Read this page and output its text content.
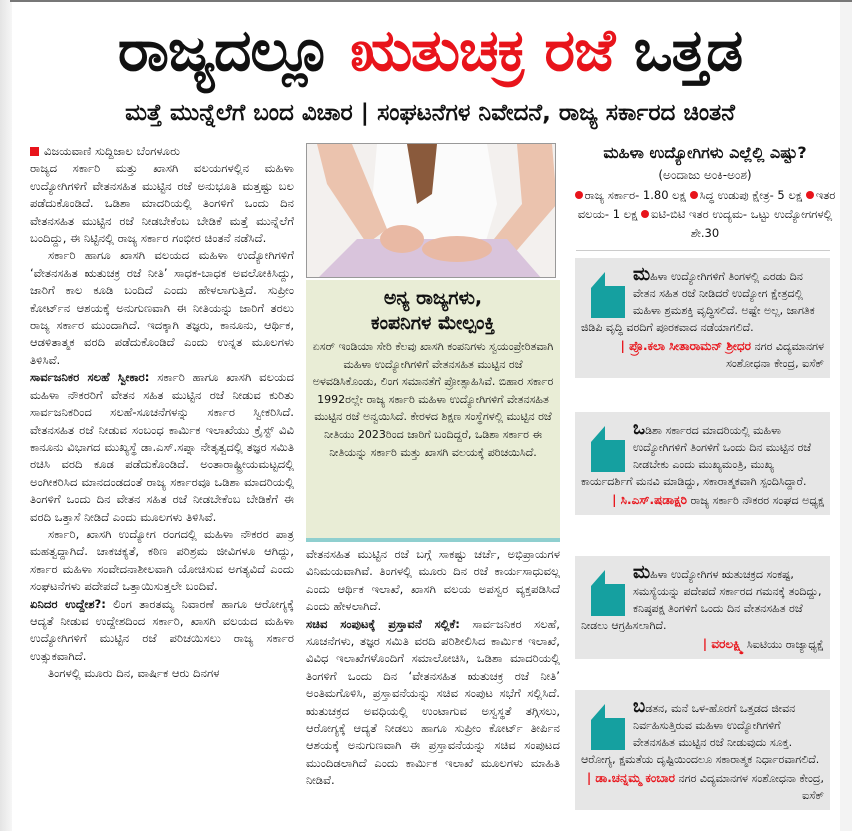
ರಾಜ್ಯದಲ್ಲೂ ಋತುಚಕ್ರ ರಜೆ ಒತ್ತಡ
ಮತ್ತೆ ಮುನ್ನೆಲೆಗೆ ಬಂದ ವಿಚಾರ | ಸಂಘಟನೆಗಳ ನಿವೇದನೆ, ರಾಜ್ಯ ಸರ್ಕಾರದ ಚಿಂತನೆ
ವಿಜಯವಾಣಿ ಸುದ್ದಿಜಾಲ ಬೆಂಗಳೂರು

ರಾಜ್ಯದ ಸರ್ಕಾರಿ ಮತ್ತು ಖಾಸಗಿ ವಲಯಗಳಲ್ಲಿನ ಮಹಿಳಾ ಉದ್ಯೋಗಿಗಳಿಗೆ ವೇತನಸಹಿತ ಮುಟ್ಟಿನ ರಜೆ ಅನುಭೂತಿ ಮತ್ತಷ್ಟು ಬಲ ಪಡೆದುಕೊಂಡಿದೆ. ಒಡಿಶಾ ಮಾದರಿಯಲ್ಲಿ ತಿಂಗಳಿಗೆ ಒಂದು ದಿನ ವೇತನಸಹಿತ ಮುಟ್ಟಿನ ರಜೆ ನೀಡಬೇಕೆಂಬ ಬೇಡಿಕೆ ಮತ್ತೆ ಮುನ್ನೆಲೆಗೆ ಬಂದಿದ್ದು, ಈ ನಿಟ್ಟಿನಲ್ಲಿ ರಾಜ್ಯ ಸರ್ಕಾರ ಗಂಭೀರ ಚಿಂತನೆ ನಡೆಸಿದೆ.

ಸರ್ಕಾರಿ ಹಾಗೂ ಖಾಸಗಿ ವಲಯದ ಮಹಿಳಾ ಉದ್ಯೋಗಿಗಳಿಗೆ ‘ವೇತನಸಹಿತ ಋತುಚಕ್ರ ರಜೆ ನೀತಿ’ ಸಾಧಕ-ಬಾಧಕ ಅವಲೋಕಿಸಿದ್ದು, ಜಾರಿಗೆ ಕಾಲ ಕೂಡಿ ಬಂದಿದೆ ಎಂದು ಹೇಳಲಾಗುತ್ತಿದೆ. ಸುಪ್ರೀಂ ಕೋರ್ಟ್‌ನ ಆಶಯಕ್ಕೆ ಅನುಗುಣವಾಗಿ ಈ ನೀತಿಯನ್ನು ಜಾರಿಗೆ ತರಲು ರಾಜ್ಯ ಸರ್ಕಾರ ಮುಂದಾಗಿದೆ. ಇದಕ್ಕಾಗಿ ತಜ್ಞರು, ಕಾನೂನು, ಆರ್ಥಿಕ, ಆಡಳಿತಾತ್ಮಕ ವರದಿ ಪಡೆದುಕೊಂಡಿದೆ ಎಂದು ಉನ್ನತ ಮೂಲಗಳು ತಿಳಿಸಿವೆ.

ಸಾರ್ವಜನಿಕರ ಸಲಹೆ ಸ್ವೀಕಾರ: ಸರ್ಕಾರಿ ಹಾಗೂ ಖಾಸಗಿ ವಲಯದ ಮಹಿಳಾ ನೌಕರರಿಗೆ ವೇತನ ಸಹಿತ ಮುಟ್ಟಿನ ರಜೆ ನೀಡುವ ಕುರಿತು ಸಾರ್ವಜನಿಕರಿಂದ ಸಲಹೆ-ಸೂಚನೆಗಳನ್ನು ಸರ್ಕಾರ ಸ್ವೀಕರಿಸಿದೆ. ವೇತನಸಹಿತ ರಜೆ ನೀಡುವ ಸಂಬಂಧ ಕಾರ್ಮಿಕ ಇಲಾಖೆಯು ಕ್ರೈಸ್ಟ್ ವಿವಿ ಕಾನೂನು ವಿಭಾಗದ ಮುಖ್ಯಸ್ಥೆ ಡಾ.ಎಸ್.ಸಪ್ನಾ ನೇತೃತ್ವದಲ್ಲಿ ತಜ್ಞರ ಸಮಿತಿ ರಚಿಸಿ ವರದಿ ಕೂಡ ಪಡೆದುಕೊಂಡಿದೆ. ಅಂತಾರಾಷ್ಟ್ರೀಯಮಟ್ಟದಲ್ಲಿ ಅಂಗೀಕರಿಸಿದ ಮಾನದಂಡದಂತೆ ರಾಜ್ಯ ಸರ್ಕಾರವೂ ಒಡಿಶಾ ಮಾದರಿಯಲ್ಲಿ ತಿಂಗಳಿಗೆ ಒಂದು ದಿನ ವೇತನ ಸಹಿತ ರಜೆ ನೀಡಬೇಕೆಂಬ ಬೇಡಿಕೆಗೆ ಈ ವರದಿ ಒತ್ತಾಸೆ ನೀಡಿದೆ ಎಂದು ಮೂಲಗಳು ತಿಳಿಸಿವೆ.

ಸರ್ಕಾರಿ, ಖಾಸಗಿ ಉದ್ಯೋಗ ರಂಗದಲ್ಲಿ ಮಹಿಳಾ ನೌಕರರ ಪಾತ್ರ ಮಹತ್ವದ್ದಾಗಿದೆ. ಚಾಕಚಕ್ಯತೆ, ಕಠಿಣ ಪರಿಶ್ರಮ ಜೀವಿಗಳೂ ಆಗಿದ್ದು, ಸರ್ಕಾರ ಮಹಿಳಾ ಸಂವೇದನಾಶೀಲವಾಗಿ ಯೋಚಿಸುವ ಅಗತ್ಯವಿದೆ ಎಂದು ಸಂಘಟನೆಗಳು ಪದೇಪದೆ ಒತ್ತಾಯಿಸುತ್ತಲೇ ಬಂದಿವೆ.

ಏನಿದರ ಉದ್ದೇಶ?: ಲಿಂಗ ತಾರತಮ್ಯ ನಿವಾರಣೆ ಹಾಗೂ ಆರೋಗ್ಯಕ್ಕೆ ಆದ್ಯತೆ ನೀಡುವ ಉದ್ದೇಶದಿಂದ ಸರ್ಕಾರಿ, ಖಾಸಗಿ ವಲಯದ ಮಹಿಳಾ ಉದ್ಯೋಗಿಗಳಿಗೆ ಮುಟ್ಟಿನ ರಜೆ ಪರಿಚಯಿಸಲು ರಾಜ್ಯ ಸರ್ಕಾರ ಉತ್ಸುಕವಾಗಿದೆ.

ತಿಂಗಳಲ್ಲಿ ಮೂರು ದಿನ, ವಾರ್ಷಿಕ ಆರು ದಿನಗಳ

ಅನ್ಯ ರಾಜ್ಯಗಳು,
ಕಂಪನಿಗಳ ಮೇಲ್ಪಂಕ್ತಿ

ಏಸರ್ ಇಂಡಿಯಾ ಸೇರಿ ಕೆಲವು ಖಾಸಗಿ ಕಂಪನಿಗಳು ಸ್ವಯಂಪ್ರೇರಿತವಾಗಿ ಮಹಿಳಾ ಉದ್ಯೋಗಿಗಳಿಗೆ ವೇತನಸಹಿತ ಮುಟ್ಟಿನ ರಜೆ ಅಳವಡಿಸಿಕೊಂಡು, ಲಿಂಗ ಸಮಾನತೆಗೆ ಪ್ರೋತ್ಸಾಹಿಸಿವೆ. ಬಿಹಾರ ಸರ್ಕಾರ 1992ರಲ್ಲೇ ರಾಜ್ಯ ಸರ್ಕಾರಿ ಮಹಿಳಾ ಉದ್ಯೋಗಿಗಳಿಗೆ ವೇತನಸಹಿತ ಮುಟ್ಟಿನ ರಜೆ ಅನ್ವಯಿಸಿದೆ. ಕೇರಳದ ಶಿಕ್ಷಣ ಸಂಸ್ಥೆಗಳಲ್ಲಿ ಮುಟ್ಟಿನ ರಜೆ ನೀತಿಯು 2023ರಿಂದ ಜಾರಿಗೆ ಬಂದಿದ್ದರೆ, ಒಡಿಶಾ ಸರ್ಕಾರ ಈ ನೀತಿಯನ್ನು ಸರ್ಕಾರಿ ಮತ್ತು ಖಾಸಗಿ ವಲಯಕ್ಕೆ ಪರಿಚಯಿಸಿದೆ.

ವೇತನಸಹಿತ ಮುಟ್ಟಿನ ರಜೆ ಬಗ್ಗೆ ಸಾಕಷ್ಟು ಚರ್ಚೆ, ಅಭಿಪ್ರಾಯಗಳ ವಿನಿಮಯವಾಗಿವೆ. ತಿಂಗಳಲ್ಲಿ ಮೂರು ದಿನ ರಜೆ ಕಾರ್ಯಸಾಧುವಲ್ಲ ಎಂದು ಆರ್ಥಿಕ ಇಲಾಖೆ, ಖಾಸಗಿ ವಲಯ ಅಪಸ್ವರ ವ್ಯಕ್ತಪಡಿಸಿದೆ ಎಂದು ಹೇಳಲಾಗಿದೆ.

ಸಚಿವ ಸಂಪುಟಕ್ಕೆ ಪ್ರಸ್ತಾವನೆ ಸಲ್ಲಿಕೆ: ಸಾರ್ವಜನಿಕರ ಸಲಹೆ, ಸೂಚನೆಗಳು, ತಜ್ಞರ ಸಮಿತಿ ವರದಿ ಪರಿಶೀಲಿಸಿದ ಕಾರ್ಮಿಕ ಇಲಾಖೆ, ವಿವಿಧ ಇಲಾಖೆಗಳೊಂದಿಗೆ ಸಮಾಲೋಚಿಸಿ, ಒಡಿಶಾ ಮಾದರಿಯಲ್ಲಿ ತಿಂಗಳಿಗೆ ಒಂದು ದಿನ ‘ವೇತನಸಹಿತ ಋತುಚಕ್ರ ರಜೆ ನೀತಿ’ ಅಂತಿಮಗೊಳಿಸಿ, ಪ್ರಸ್ತಾವನೆಯನ್ನು ಸಚಿವ ಸಂಪುಟ ಸಭೆಗೆ ಸಲ್ಲಿಸಿದೆ. ಋತುಚಕ್ರದ ಅವಧಿಯಲ್ಲಿ ಉಂಟಾಗುವ ಅಸ್ವಸ್ಥತೆ ತಗ್ಗಿಸಲು, ಆರೋಗ್ಯಕ್ಕೆ ಆದ್ಯತೆ ನೀಡಲು ಹಾಗೂ ಸುಪ್ರೀಂ ಕೋರ್ಟ್ ತೀರ್ಪಿನ ಆಶಯಕ್ಕೆ ಅನುಗುಣವಾಗಿ ಈ ಪ್ರಸ್ತಾವನೆಯನ್ನು ಸಚಿವ ಸಂಪುಟದ ಮುಂದಿಡಲಾಗಿದೆ ಎಂದು ಕಾರ್ಮಿಕ ಇಲಾಖೆ ಮೂಲಗಳು ಮಾಹಿತಿ ನೀಡಿವೆ.

ಮಹಿಳಾ ಉದ್ಯೋಗಿಗಳು ಎಲ್ಲೆಲ್ಲಿ ಎಷ್ಟು?
(ಅಂದಾಜು ಅಂಕಿ-ಅಂಶ)
ರಾಜ್ಯ ಸರ್ಕಾರ- 1.80 ಲಕ್ಷ ಸಿದ್ಧ ಉಡುಪು ಕ್ಷೇತ್ರ- 5 ಲಕ್ಷ ಇತರ ವಲಯ- 1 ಲಕ್ಷ ಐಟಿ-ಬಿಟಿ ಇತರ ಉದ್ಯಮ- ಒಟ್ಟು ಉದ್ಯೋಗಗಳಲ್ಲಿ ಶೇ.30
ಮಹಿಳಾ ಉದ್ಯೋಗಿಗಳಿಗೆ ತಿಂಗಳಲ್ಲಿ ಎರಡು ದಿನ ವೇತನ ಸಹಿತ ರಜೆ ನೀಡಿದರೆ ಉದ್ಯೋಗ ಕ್ಷೇತ್ರದಲ್ಲಿ ಮಹಿಳಾ ಶ್ರಮಶಕ್ತಿ ವೃದ್ಧಿಸಲಿದೆ. ಅಷ್ಟೇ ಅಲ್ಲ, ಜಾಗತಿಕ ಜಿಡಿಪಿ ವೃದ್ಧಿ ವರದಿಗೆ ಪೂರಕವಾದ ನಡೆಯಾಗಲಿದೆ.
| ಪ್ರೊ.ಕಲಾ ಸೀತಾರಾಮನ್ ಶ್ರೀಧರ ನಗರ ವಿದ್ಯಮಾನಗಳ ಸಂಶೋಧನಾ ಕೇಂದ್ರ, ಐಸೆಕ್
ಒಡಿಶಾ ಸರ್ಕಾರದ ಮಾದರಿಯಲ್ಲಿ ಮಹಿಳಾ ಉದ್ಯೋಗಿಗಳಿಗೆ ತಿಂಗಳಿಗೆ ಒಂದು ದಿನ ಮುಟ್ಟಿನ ರಜೆ ನೀಡಬೇಕು ಎಂದು ಮುಖ್ಯಮಂತ್ರಿ, ಮುಖ್ಯ ಕಾರ್ಯದರ್ಶಿಗೆ ಮನವಿ ಮಾಡಿದ್ದು, ಸಕಾರಾತ್ಮಕವಾಗಿ ಸ್ಪಂದಿಸಿದ್ದಾರೆ.
| ಸಿ.ಎಸ್.ಷಡಾಕ್ಷರಿ ರಾಜ್ಯ ಸರ್ಕಾರಿ ನೌಕರರ ಸಂಘದ ಅಧ್ಯಕ್ಷ
ಮಹಿಳಾ ಉದ್ಯೋಗಿಗಳ ಋತುಚಕ್ರದ ಸಂಕಷ್ಟ, ಸಮಸ್ಯೆಯನ್ನು ಪದೇಪದೆ ಸರ್ಕಾರದ ಗಮನಕ್ಕೆ ತಂದಿದ್ದು, ಕನಿಷ್ಠಪಕ್ಷ ತಿಂಗಳಿಗೆ ಒಂದು ದಿನ ವೇತನಸಹಿತ ರಜೆ ನೀಡಲು ಆಗ್ರಹಿಸಲಾಗಿದೆ.
| ವರಲಕ್ಷ್ಮಿ ಸಿಐಟಿಯು ರಾಜ್ಯಾಧ್ಯಕ್ಷೆ
ಬಡತನ, ಮನೆ ಒಳ-ಹೊರಗೆ ಒತ್ತಡದ ಜೀವನ ನಿರ್ವಹಿಸುತ್ತಿರುವ ಮಹಿಳಾ ಉದ್ಯೋಗಿಗಳಿಗೆ ವೇತನಸಹಿತ ಮುಟ್ಟಿನ ರಜೆ ನೀಡುವುದು ಸೂಕ್ತ. ಆರೋಗ್ಯ, ಕ್ಷಮತೆಯ ದೃಷ್ಟಿಯಿಂದಲೂ ಸಕಾರಾತ್ಮಕ ನಿರ್ಧಾರವಾಗಲಿದೆ.
| ಡಾ.ಚನ್ನಮ್ಮ ಕಂಬಾರ ನಗರ ವಿದ್ಯಮಾನಗಳ ಸಂಶೋಧನಾ ಕೇಂದ್ರ, ಐಸೆಕ್
